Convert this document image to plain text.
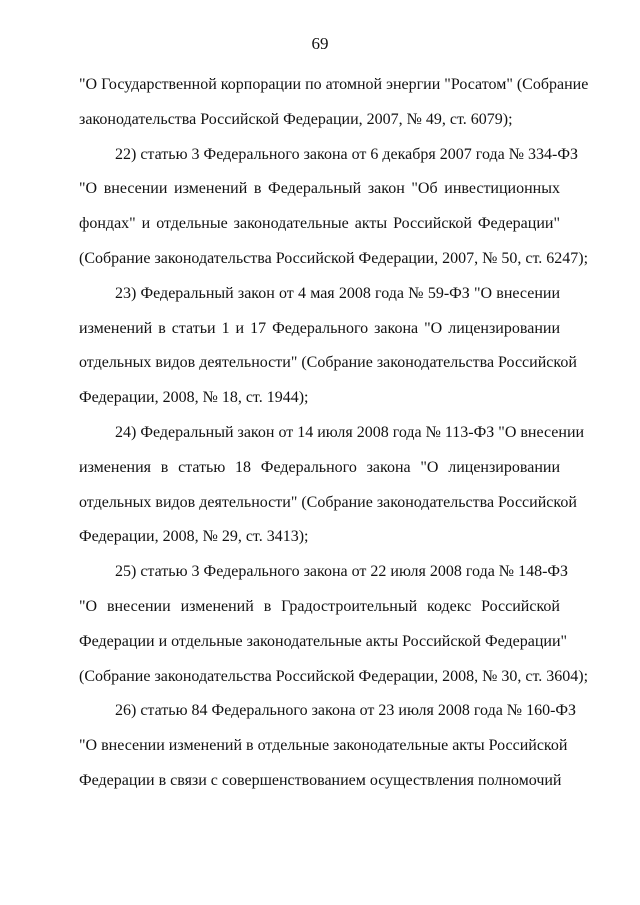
69
"О Государственной корпорации по атомной энергии "Росатом" (Собрание
законодательства Российской Федерации, 2007, № 49, ст. 6079);
22) статью 3 Федерального закона от 6 декабря 2007 года № 334-ФЗ
"О внесении изменений в Федеральный закон "Об инвестиционных
фондах" и отдельные законодательные акты Российской Федерации"
(Собрание законодательства Российской Федерации, 2007, № 50, ст. 6247);
23) Федеральный закон от 4 мая 2008 года № 59-ФЗ "О внесении
изменений в статьи 1 и 17 Федерального закона "О лицензировании
отдельных видов деятельности" (Собрание законодательства Российской
Федерации, 2008, № 18, ст. 1944);
24) Федеральный закон от 14 июля 2008 года № 113-ФЗ "О внесении
изменения в статью 18 Федерального закона "О лицензировании
отдельных видов деятельности" (Собрание законодательства Российской
Федерации, 2008, № 29, ст. 3413);
25) статью 3 Федерального закона от 22 июля 2008 года № 148-ФЗ
"О внесении изменений в Градостроительный кодекс Российской
Федерации и отдельные законодательные акты Российской Федерации"
(Собрание законодательства Российской Федерации, 2008, № 30, ст. 3604);
26) статью 84 Федерального закона от 23 июля 2008 года № 160-ФЗ
"О внесении изменений в отдельные законодательные акты Российской
Федерации в связи с совершенствованием осуществления полномочий
